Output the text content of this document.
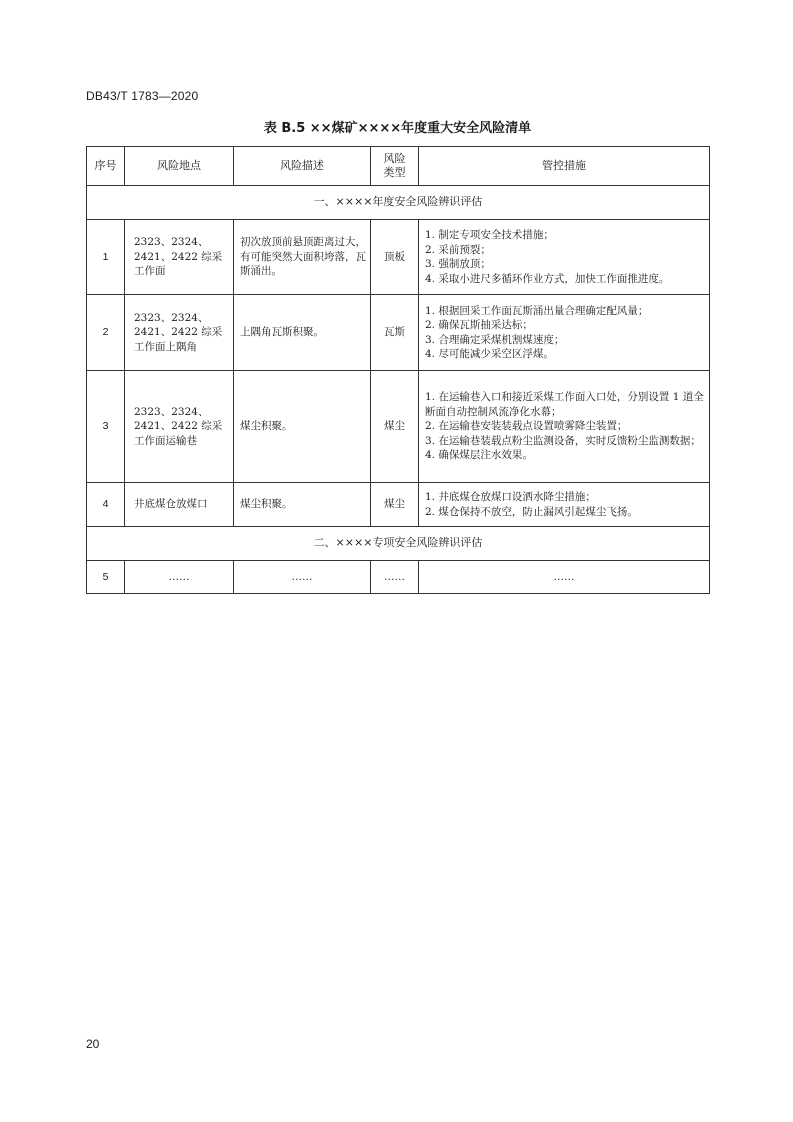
DB43/T 1783—2020
表 B.5 ××煤矿××××年度重大安全风险清单
序号	风险地点	风险描述	风险类型	管控措施
一、××××年度安全风险辨识评估				
1	2323、2324、2421、2422 综采工作面	初次放顶前悬顶距离过大，有可能突然大面积垮落，瓦斯涌出。	顶板	1. 制定专项安全技术措施；
2. 采前预裂；
3. 强制放顶；
4. 采取小进尺多循环作业方式，加快工作面推进度。

2	2323、2324、2421、2422 综采工作面上隅角	上隅角瓦斯积聚。	瓦斯	1. 根据回采工作面瓦斯涌出量合理确定配风量；
2. 确保瓦斯抽采达标；
3. 合理确定采煤机割煤速度；
4. 尽可能减少采空区浮煤。

3	2323、2324、2421、2422 综采工作面运输巷	煤尘积聚。	煤尘	1. 在运输巷入口和接近采煤工作面入口处，分别设置 1 道全断面自动控制风流净化水幕；
2. 在运输巷安装装载点设置喷雾降尘装置；
3. 在运输巷装载点粉尘监测设备，实时反馈粉尘监测数据；
4. 确保煤层注水效果。

4	井底煤仓放煤口	煤尘积聚。	煤尘	1. 井底煤仓放煤口设洒水降尘措施；
2. 煤仓保持不放空，防止漏风引起煤尘飞扬。

二、××××专项安全风险辨识评估				
5	……	……	……	……
20
